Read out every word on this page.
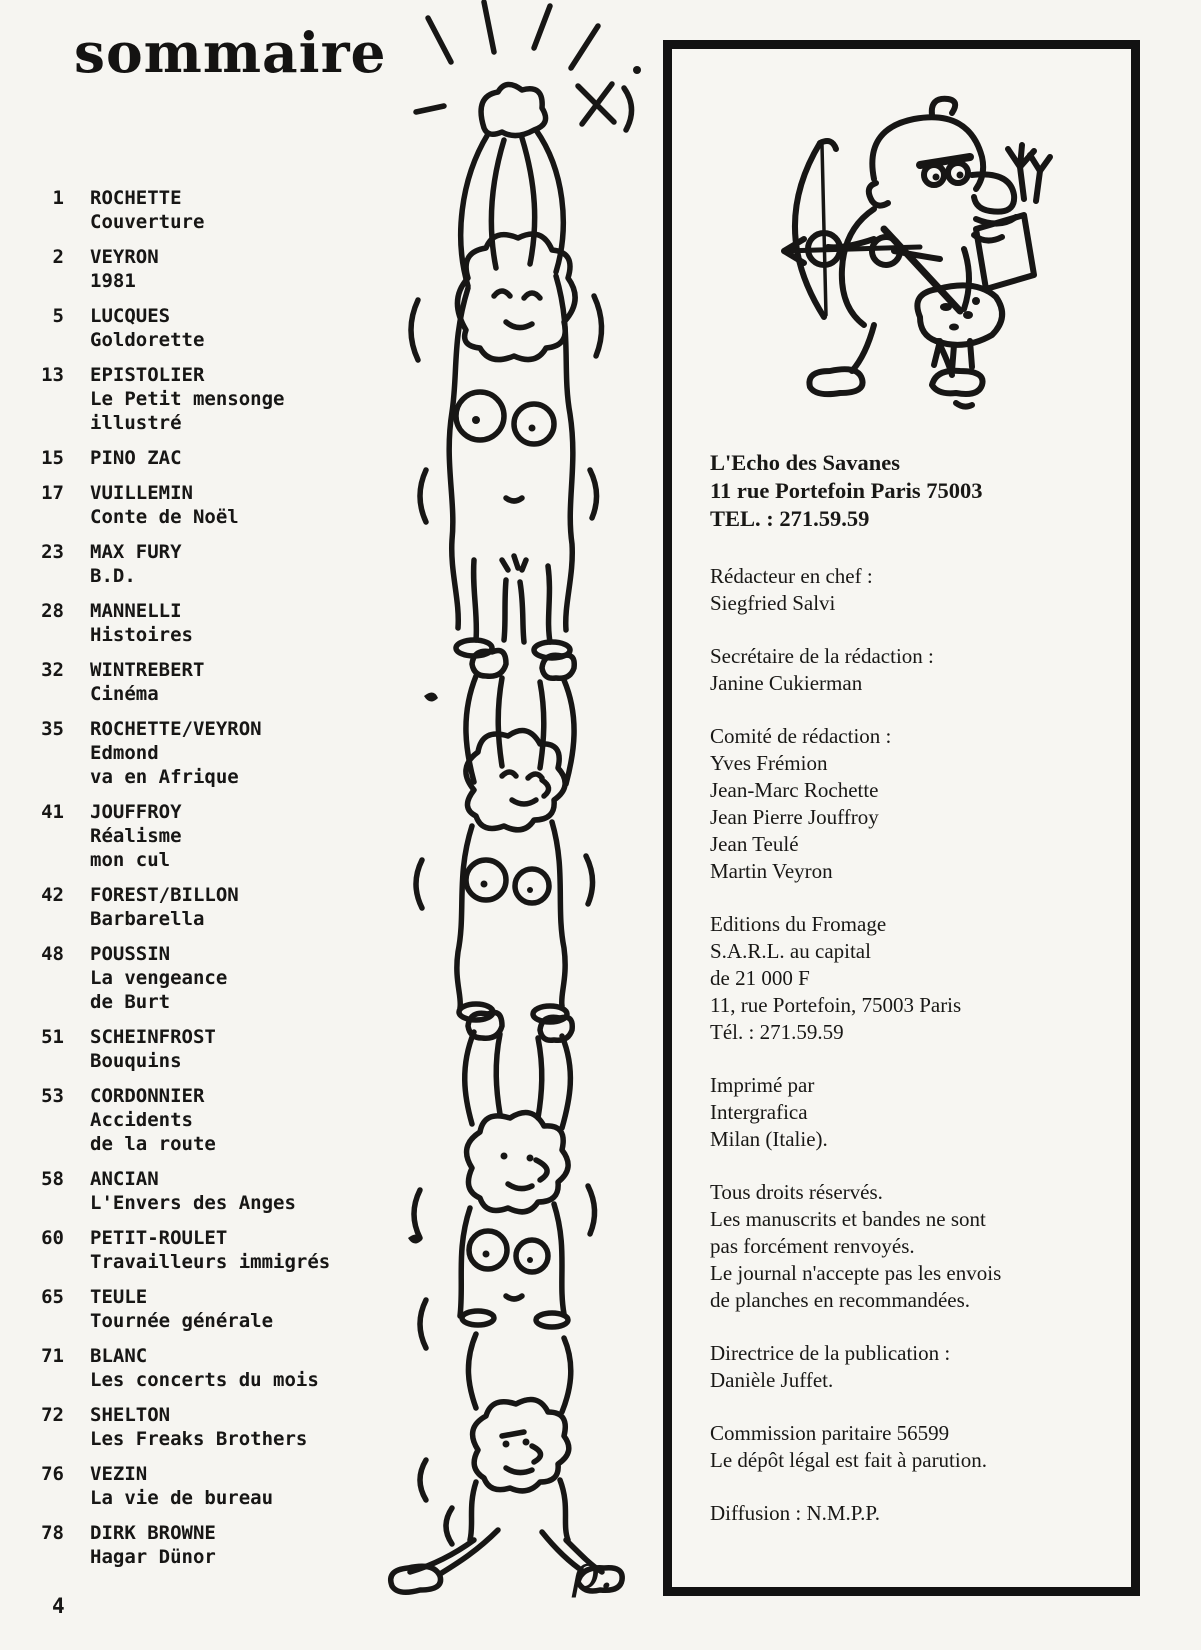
sommaire
1 ROCHETTE
Couverture
2 VEYRON
1981
5 LUCQUES
Goldorette
13 EPISTOLIER
Le Petit mensonge
illustré
15 PINO ZAC
17 VUILLEMIN
Conte de Noël
23 MAX FURY
B.D.
28 MANNELLI
Histoires
32 WINTREBERT
Cinéma
35 ROCHETTE/VEYRON
Edmond
va en Afrique
41 JOUFFROY
Réalisme
mon cul
42 FOREST/BILLON
Barbarella
48 POUSSIN
La vengeance
de Burt
51 SCHEINFROST
Bouquins
53 CORDONNIER
Accidents
de la route
58 ANCIAN
L'Envers des Anges
60 PETIT-ROULET
Travailleurs immigrés
65 TEULE
Tournée générale
71 BLANC
Les concerts du mois
72 SHELTON
Les Freaks Brothers
76 VEZIN
La vie de bureau
78 DIRK BROWNE
Hagar Dünor
4
ρ.
L'Echo des Savanes
11 rue Portefoin Paris 75003
TEL. : 271.59.59
Rédacteur en chef :
Siegfried Salvi
Secrétaire de la rédaction :
Janine Cukierman
Comité de rédaction :
Yves Frémion
Jean-Marc Rochette
Jean Pierre Jouffroy
Jean Teulé
Martin Veyron
Editions du Fromage
S.A.R.L. au capital
de 21 000 F
11, rue Portefoin, 75003 Paris
Tél. : 271.59.59
Imprimé par
Intergrafica
Milan (Italie).
Tous droits réservés.
Les manuscrits et bandes ne sont
pas forcément renvoyés.
Le journal n'accepte pas les envois
de planches en recommandées.
Directrice de la publication :
Danièle Juffet.
Commission paritaire 56599
Le dépôt légal est fait à parution.
Diffusion : N.M.P.P.
